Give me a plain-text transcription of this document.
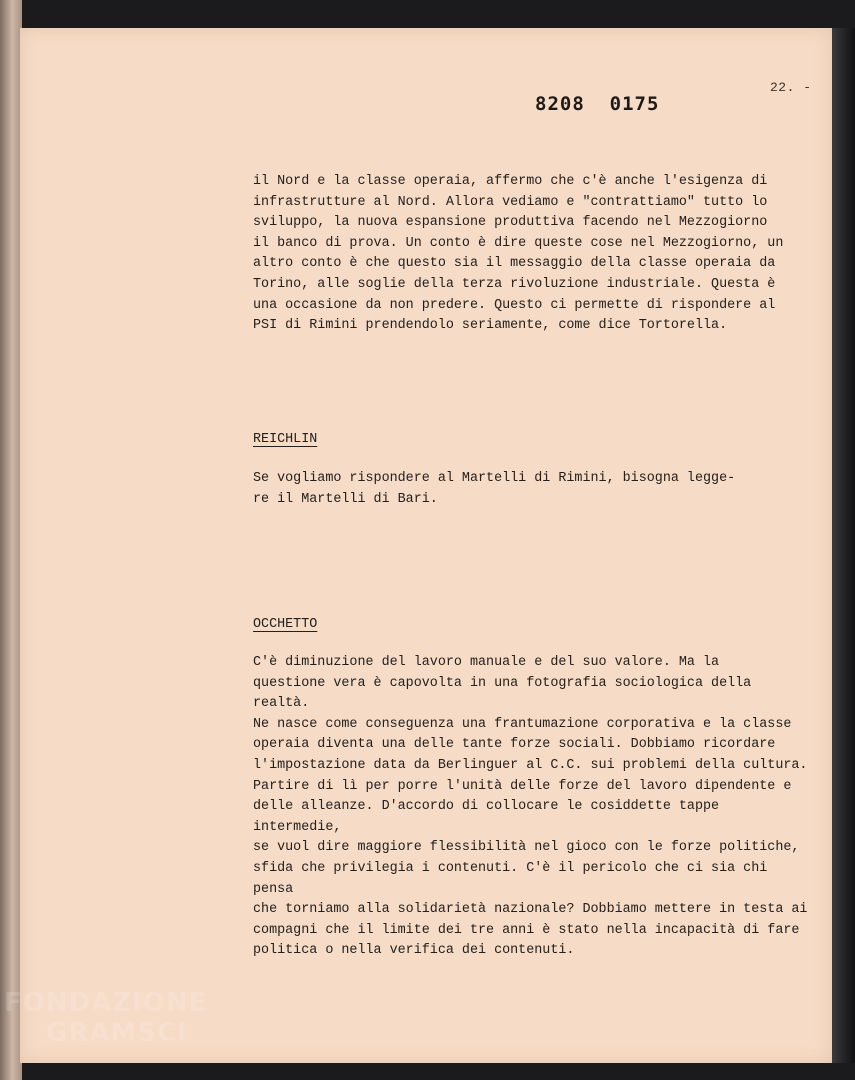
22. -
8208  0175
il Nord e la classe operaia, affermo che c'è anche l'esigenza di
infrastrutture al Nord. Allora vediamo e "contrattiamo" tutto lo
sviluppo, la nuova espansione produttiva facendo nel Mezzogiorno
il banco di prova. Un conto è dire queste cose nel Mezzogiorno, un
altro conto è che questo sia il messaggio della classe operaia da
Torino, alle soglie della terza rivoluzione industriale. Questa è
una occasione da non predere. Questo ci permette di rispondere al
PSI di Rimini prendendolo seriamente, come dice Tortorella.
REICHLIN
Se vogliamo rispondere al Martelli di Rimini, bisogna legge-
re il Martelli di Bari.
OCCHETTO
C'è diminuzione del lavoro manuale e del suo valore. Ma la
questione vera è capovolta in una fotografia sociologica della realtà.
Ne nasce come conseguenza una frantumazione corporativa e la classe
operaia diventa una delle tante forze sociali. Dobbiamo ricordare
l'impostazione data da Berlinguer al C.C. sui problemi della cultura.
Partire di lì per porre l'unità delle forze del lavoro dipendente e
delle alleanze. D'accordo di collocare le cosiddette tappe intermedie,
se vuol dire maggiore flessibilità nel gioco con le forze politiche,
sfida che privilegia i contenuti. C'è il pericolo che ci sia chi pensa
che torniamo alla solidarietà nazionale? Dobbiamo mettere in testa ai
compagni che il limite dei tre anni è stato nella incapacità di fare
politica o nella verifica dei contenuti.
FONDAZIONE
GRAMSCI
